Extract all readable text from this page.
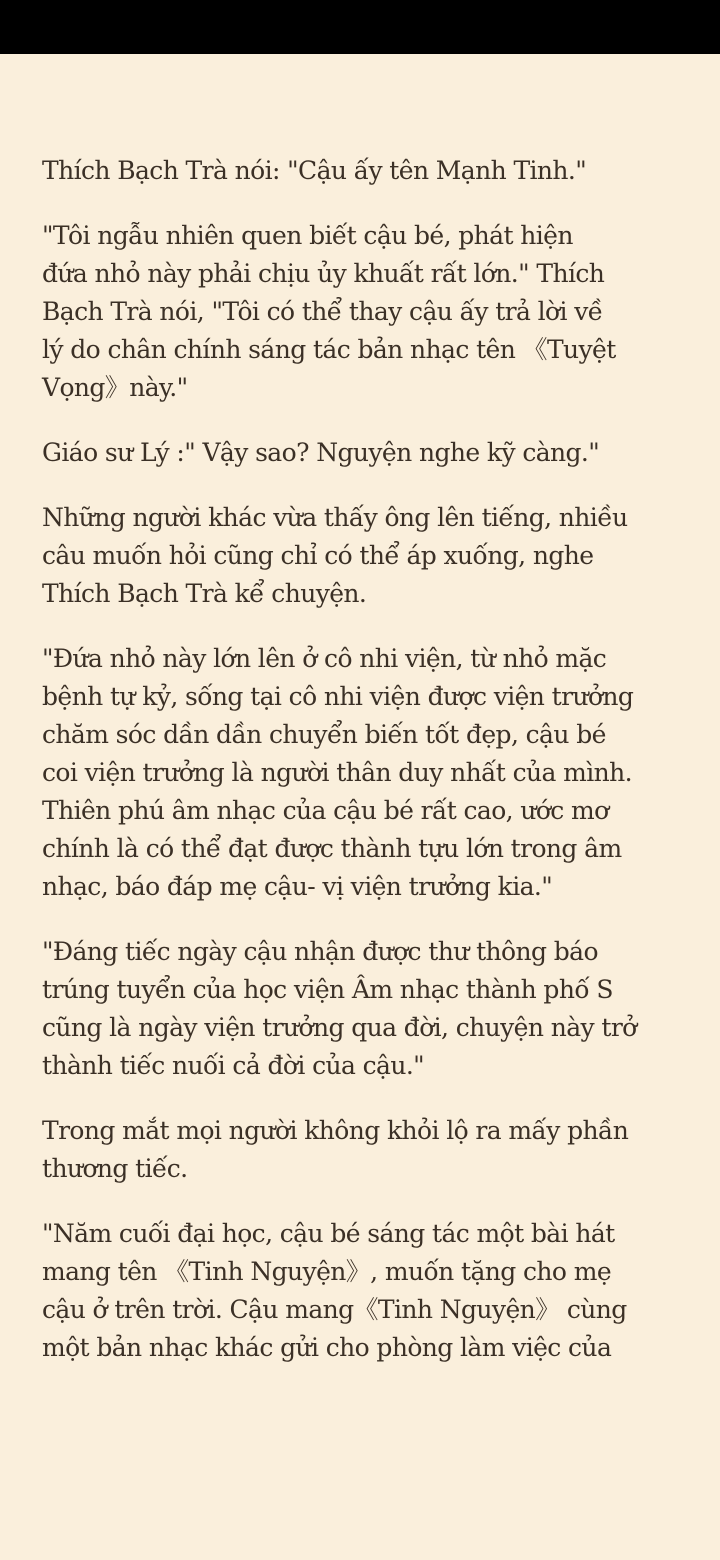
Thích Bạch Trà nói: "Cậu ấy tên Mạnh Tinh."

"Tôi ngẫu nhiên quen biết cậu bé, phát hiện
đứa nhỏ này phải chịu ủy khuất rất lớn." Thích
Bạch Trà nói, "Tôi có thể thay cậu ấy trả lời về
lý do chân chính sáng tác bản nhạc tên 《Tuyệt
Vọng》này."

Giáo sư Lý :" Vậy sao? Nguyện nghe kỹ càng."

Những người khác vừa thấy ông lên tiếng, nhiều
câu muốn hỏi cũng chỉ có thể áp xuống, nghe
Thích Bạch Trà kể chuyện.

"Đứa nhỏ này lớn lên ở cô nhi viện, từ nhỏ mặc
bệnh tự kỷ, sống tại cô nhi viện được viện trưởng
chăm sóc dần dần chuyển biến tốt đẹp, cậu bé
coi viện trưởng là người thân duy nhất của mình.
Thiên phú âm nhạc của cậu bé rất cao, ước mơ
chính là có thể đạt được thành tựu lớn trong âm
nhạc, báo đáp mẹ cậu- vị viện trưởng kia."

"Đáng tiếc ngày cậu nhận được thư thông báo
trúng tuyển của học viện Âm nhạc thành phố S
cũng là ngày viện trưởng qua đời, chuyện này trở
thành tiếc nuối cả đời của cậu."

Trong mắt mọi người không khỏi lộ ra mấy phần
thương tiếc.

"Năm cuối đại học, cậu bé sáng tác một bài hát
mang tên 《Tinh Nguyện》, muốn tặng cho mẹ
cậu ở trên trời. Cậu mang《Tinh Nguyện》 cùng
một bản nhạc khác gửi cho phòng làm việc của
